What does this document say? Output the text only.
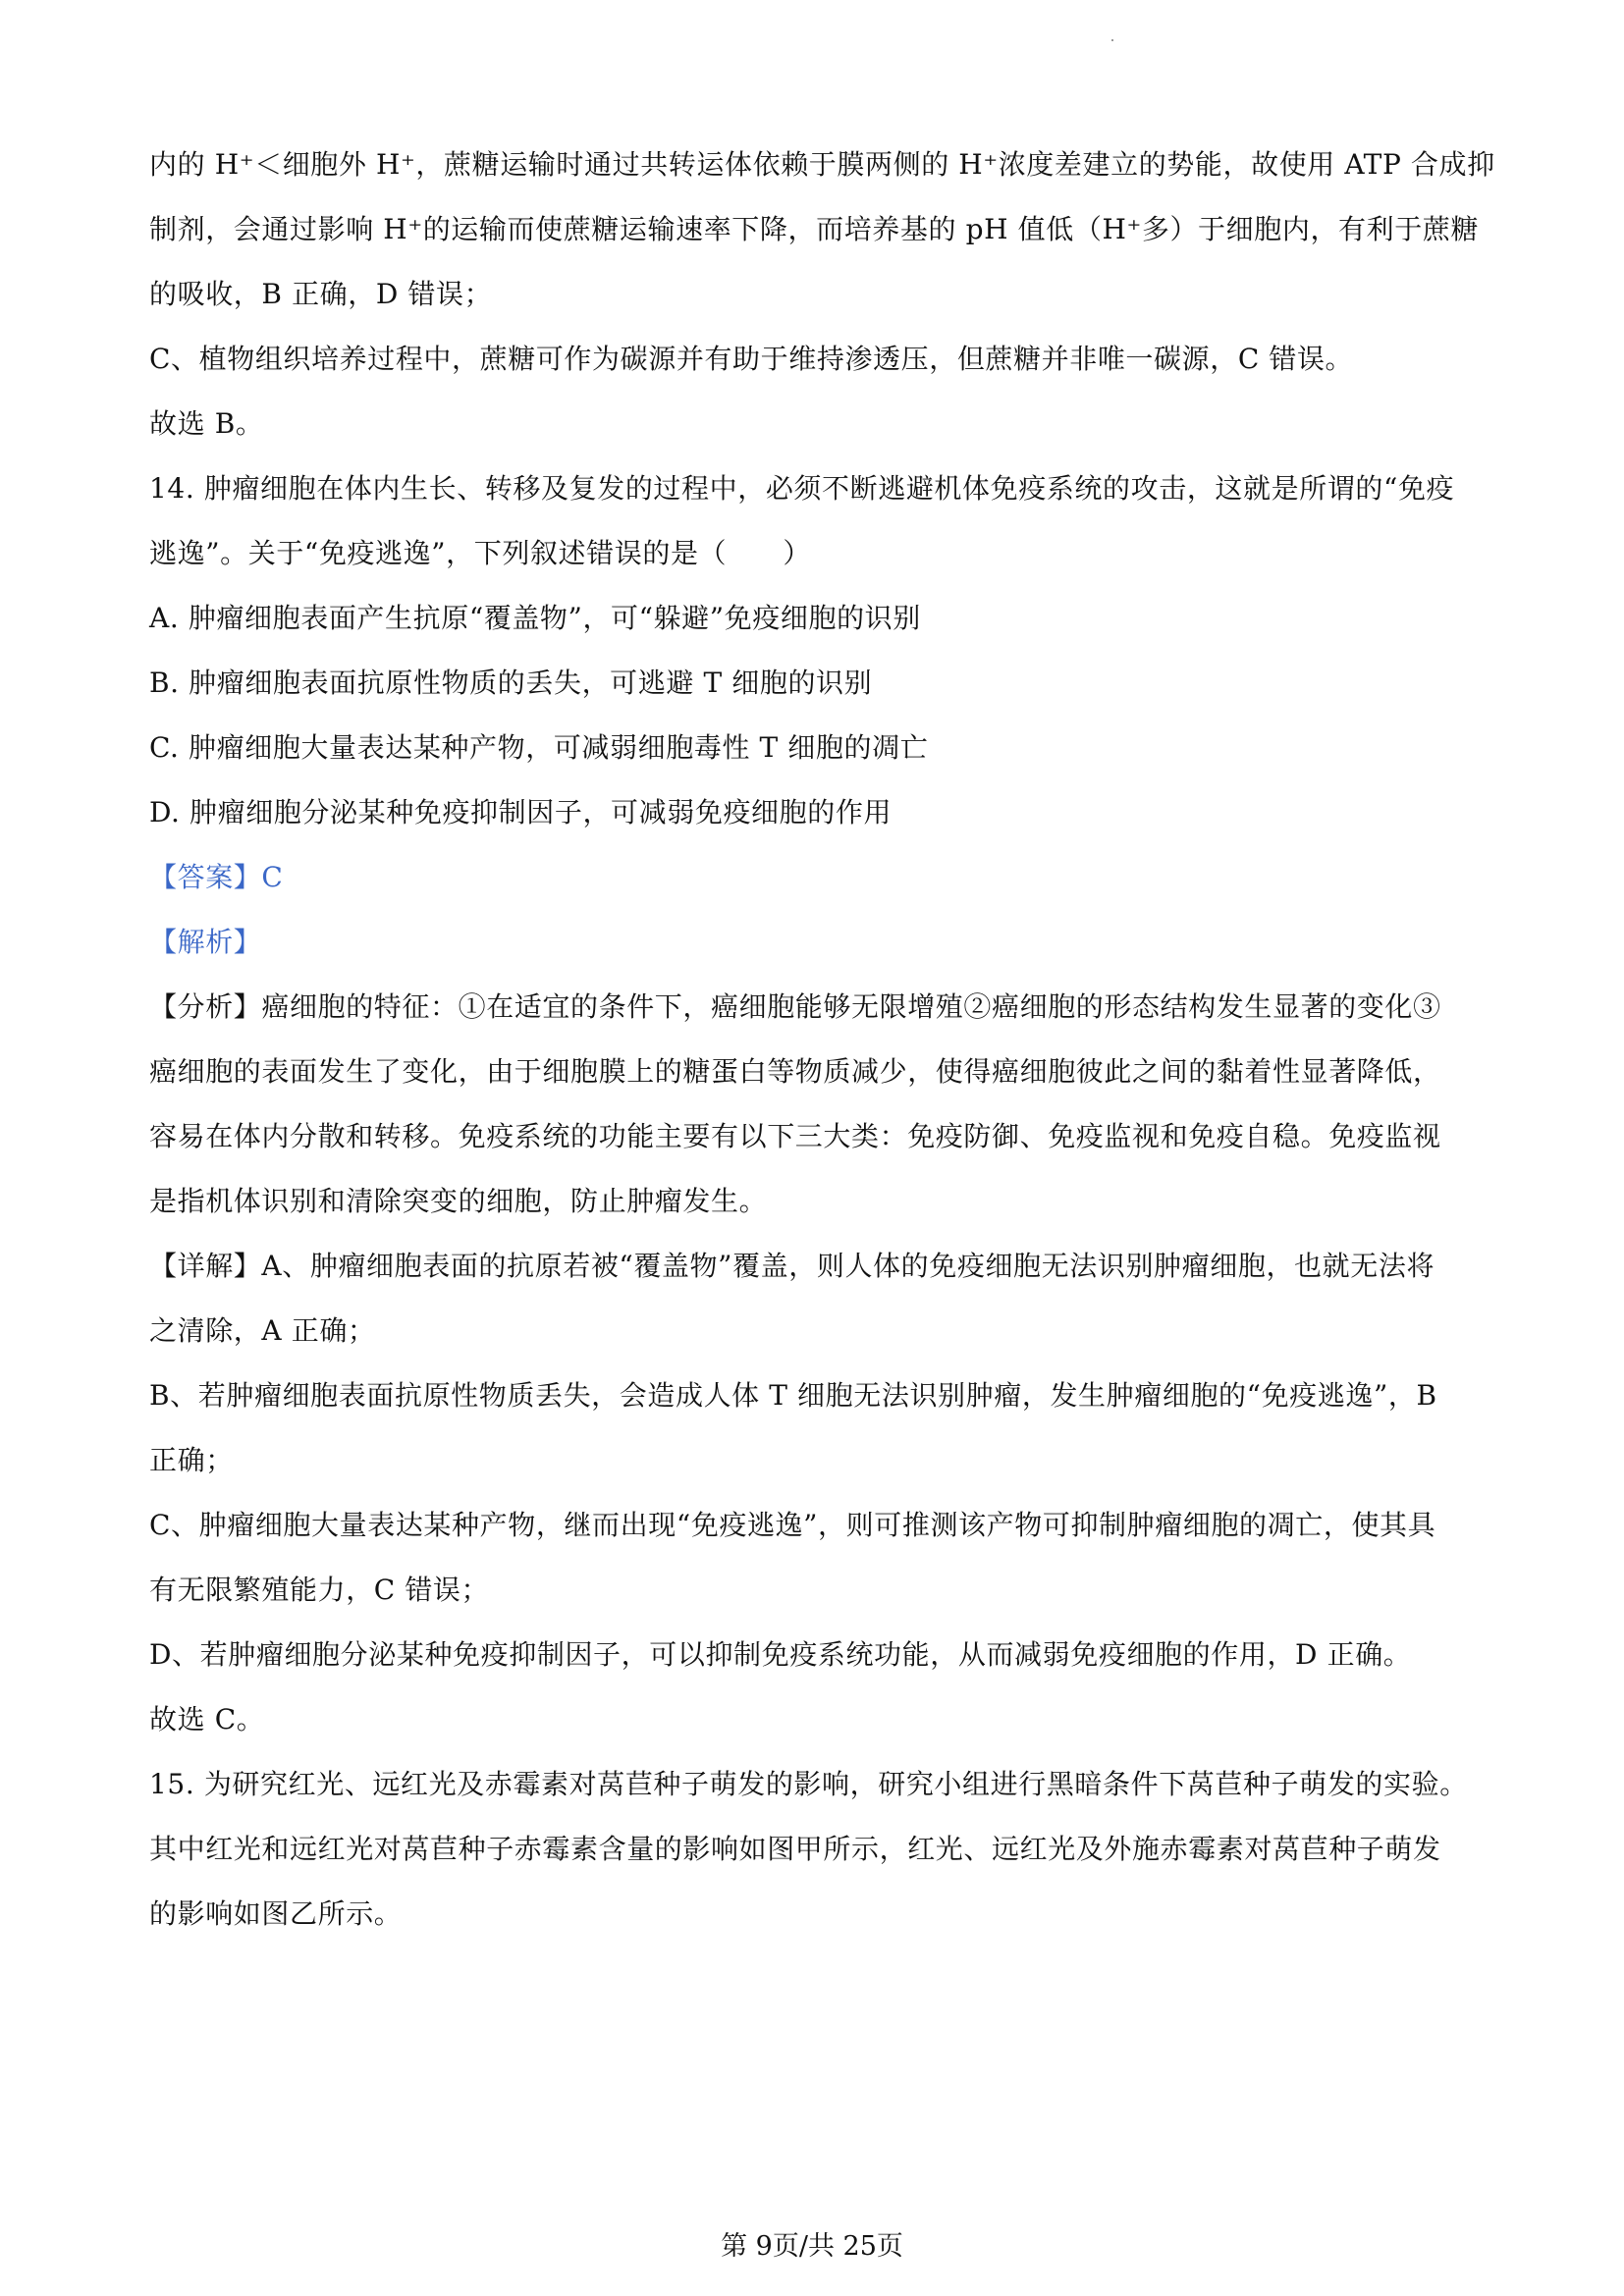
内的 H⁺＜细胞外 H⁺，蔗糖运输时通过共转运体依赖于膜两侧的 H⁺浓度差建立的势能，故使用 ATP 合成抑
制剂，会通过影响 H⁺的运输而使蔗糖运输速率下降，而培养基的 pH 值低（H⁺多）于细胞内，有利于蔗糖
的吸收，B 正确，D 错误；
C、植物组织培养过程中，蔗糖可作为碳源并有助于维持渗透压，但蔗糖并非唯一碳源，C 错误。
故选 B。
14. 肿瘤细胞在体内生长、转移及复发的过程中，必须不断逃避机体免疫系统的攻击，这就是所谓的“免疫
逃逸”。关于“免疫逃逸”，下列叙述错误的是（　　）
A. 肿瘤细胞表面产生抗原“覆盖物”，可“躲避”免疫细胞的识别
B. 肿瘤细胞表面抗原性物质的丢失，可逃避 T 细胞的识别
C. 肿瘤细胞大量表达某种产物，可减弱细胞毒性 T 细胞的凋亡
D. 肿瘤细胞分泌某种免疫抑制因子，可减弱免疫细胞的作用
【答案】C
【解析】
【分析】癌细胞的特征：①在适宜的条件下，癌细胞能够无限增殖②癌细胞的形态结构发生显著的变化③
癌细胞的表面发生了变化，由于细胞膜上的糖蛋白等物质减少，使得癌细胞彼此之间的黏着性显著降低，
容易在体内分散和转移。免疫系统的功能主要有以下三大类：免疫防御、免疫监视和免疫自稳。免疫监视
是指机体识别和清除突变的细胞，防止肿瘤发生。
【详解】A、肿瘤细胞表面的抗原若被“覆盖物”覆盖，则人体的免疫细胞无法识别肿瘤细胞，也就无法将
之清除，A 正确；
B、若肿瘤细胞表面抗原性物质丢失，会造成人体 T 细胞无法识别肿瘤，发生肿瘤细胞的“免疫逃逸”，B
正确；
C、肿瘤细胞大量表达某种产物，继而出现“免疫逃逸”，则可推测该产物可抑制肿瘤细胞的凋亡，使其具
有无限繁殖能力，C 错误；
D、若肿瘤细胞分泌某种免疫抑制因子，可以抑制免疫系统功能，从而减弱免疫细胞的作用，D 正确。
故选 C。
15. 为研究红光、远红光及赤霉素对莴苣种子萌发的影响，研究小组进行黑暗条件下莴苣种子萌发的实验。
其中红光和远红光对莴苣种子赤霉素含量的影响如图甲所示，红光、远红光及外施赤霉素对莴苣种子萌发
的影响如图乙所示。
第 9页/共 25页
